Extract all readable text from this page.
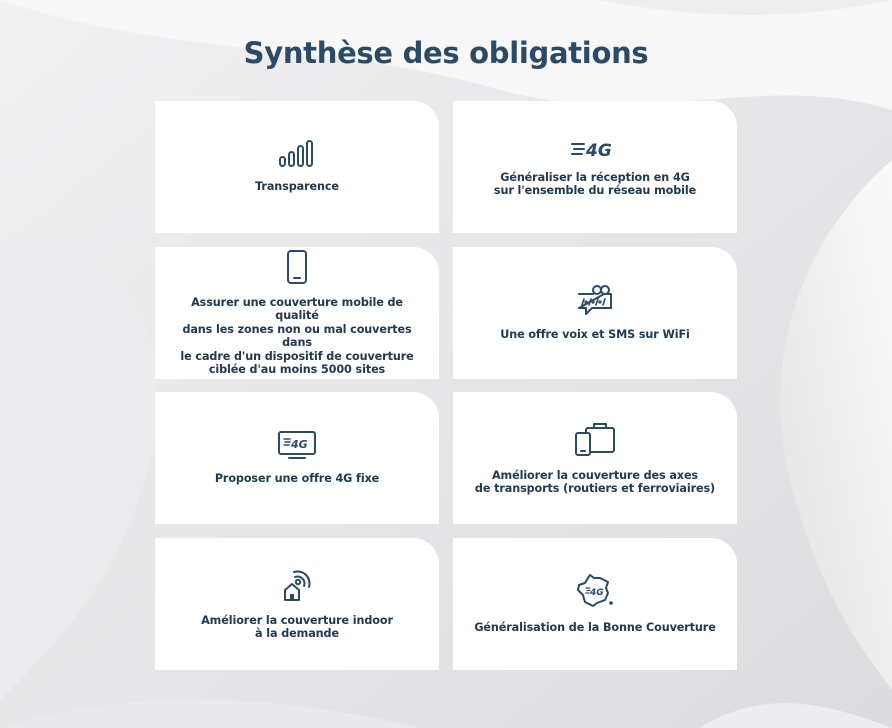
Synthèse des obligations
Transparence
4G
Généraliser la réception en 4G
sur l'ensemble du réseau mobile
Assurer une couverture mobile de qualité
dans les zones non ou mal couvertes dans
le cadre d'un dispositif de couverture
ciblée d'au moins 5000 sites
Une offre voix et SMS sur WiFi
4G
Proposer une offre 4G fixe	Améliorer la couverture des axes
de transports (routiers et ferroviaires)
Améliorer la couverture indoor
à la demande
4G
Généralisation de la Bonne Couverture
